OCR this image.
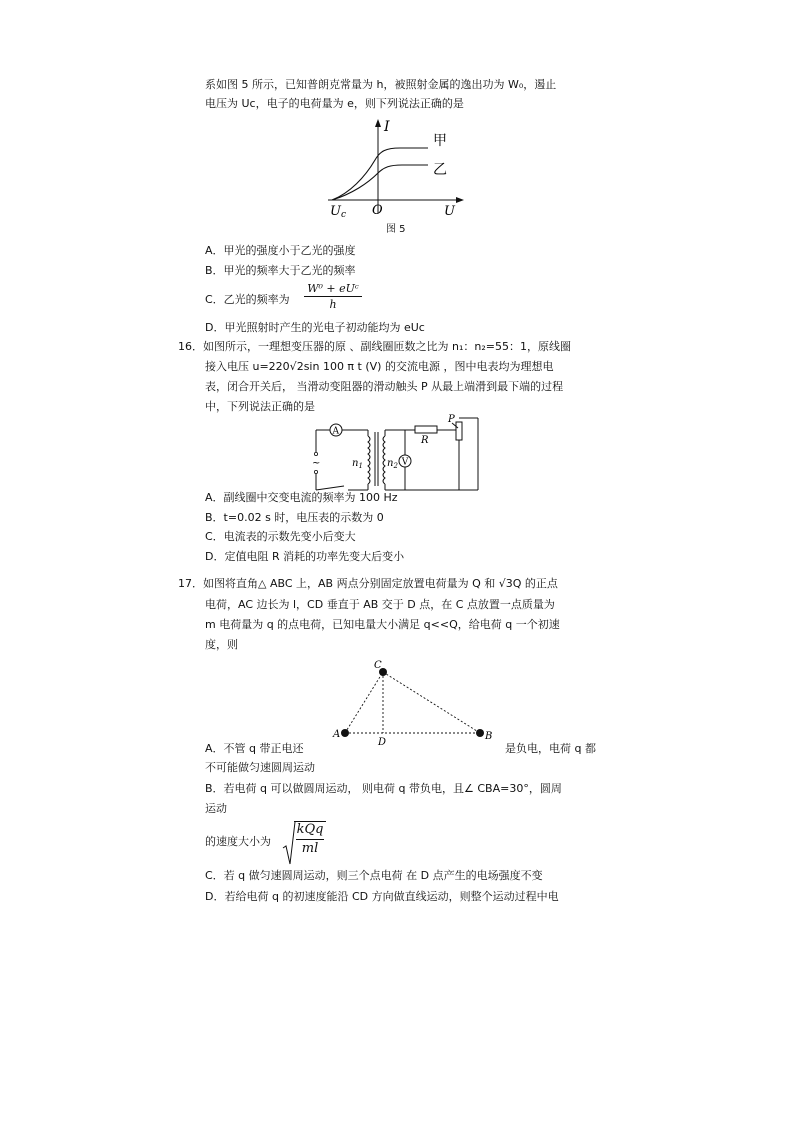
系如图 5 所示，已知普朗克常量为 h，被照射金属的逸出功为 W₀，遏止
电压为 Uc，电子的电荷量为 e，则下列说法正确的是
I
甲
乙
Uc O	U
图 5
A．甲光的强度小于乙光的强度
B．甲光的频率大于乙光的频率
C．乙光的频率为
W⁰ + eUᶜ
h
D．甲光照射时产生的光电子初动能均为 eUc
16．如图所示，一理想变压器的原 、副线圈匝数之比为 n₁：n₂=55：1，原线圈
接入电压 u=220√2sin 100 π t (V) 的交流电源 ，图中电表均为理想电
表，闭合开关后， 当滑动变阻器的滑动触头 P 从最上端滑到最下端的过程
中，下列说法正确的是
A
~	$n_1$ $n_2$
R
V
P
A．副线圈中交变电流的频率为 100 Hz
B．t=0.02 s 时，电压表的示数为 0
C．电流表的示数先变小后变大
D．定值电阻 R 消耗的功率先变大后变小
17．如图将直角△ ABC 上，AB 两点分别固定放置电荷量为 Q 和 √3Q 的正点
电荷，AC 边长为 l，CD 垂直于 AB 交于 D 点，在 C 点放置一点质量为
m 电荷量为 q 的点电荷，已知电量大小满足 q<<Q，给电荷 q 一个初速
度，则
C
A	B
D
A．不管 q 带正电还	是负电，电荷 q 都
不可能做匀速圆周运动
B．若电荷 q 可以做圆周运动， 则电荷 q 带负电，且∠ CBA=30°，圆周
运动
的速度大小为
kQq
ml
C．若 q 做匀速圆周运动，则三个点电荷 在 D 点产生的电场强度不变
D．若给电荷 q 的初速度能沿 CD 方向做直线运动，则整个运动过程中电
